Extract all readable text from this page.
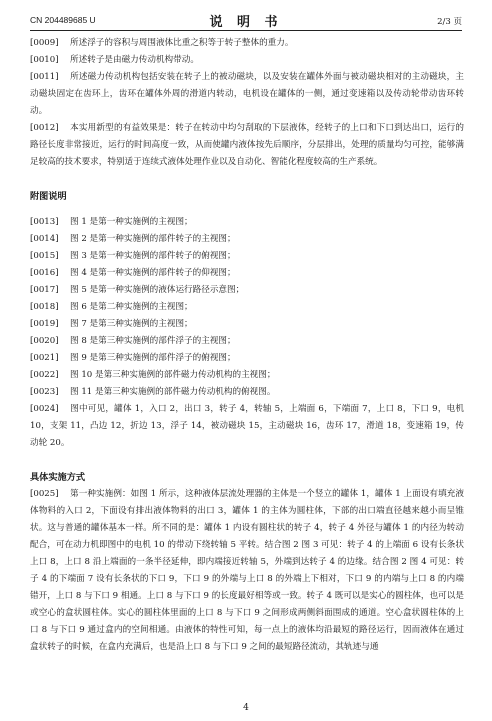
CN 204489685 U	说 明 书	2/3 页

[0009] 所述浮子的容积与周围液体比重之积等于转子整体的重力。

[0010] 所述转子是由磁力传动机构带动。

[0011] 所述磁力传动机构包括安装在转子上的被动磁块，以及安装在罐体外面与被动磁块相对的主动磁块，主动磁块固定在齿环上，齿环在罐体外周的滑道内转动，电机设在罐体的一侧，通过变速箱以及传动轮带动齿环转动。

[0012] 本实用新型的有益效果是：转子在转动中均匀刮取的下层液体，经转子的上口和下口到达出口，运行的路径长度非常接近，运行的时间高度一致，从而使罐内液体按先后顺序，分层排出，处理的质量均匀可控，能够满足较高的技术要求，特别适于连续式液体处理作业以及自动化、智能化程度较高的生产系统。

附图说明

[0013] 图 1 是第一种实施例的主视图；

[0014] 图 2 是第一种实施例的部件转子的主视图；

[0015] 图 3 是第一种实施例的部件转子的俯视图；

[0016] 图 4 是第一种实施例的部件转子的仰视图；

[0017] 图 5 是第一种实施例的液体运行路径示意图；

[0018] 图 6 是第二种实施例的主视图；

[0019] 图 7 是第三种实施例的主视图；

[0020] 图 8 是第三种实施例的部件浮子的主视图；

[0021] 图 9 是第三种实施例的部件浮子的俯视图；

[0022] 图 10 是第三种实施例的部件磁力传动机构的主视图；

[0023] 图 11 是第三种实施例的部件磁力传动机构的俯视图。

[0024] 图中可见，罐体 1，入口 2，出口 3，转子 4，转轴 5，上端面 6，下端面 7，上口 8，下口 9，电机 10，支架 11，凸边 12，折边 13，浮子 14，被动磁块 15，主动磁块 16，齿环 17，滑道 18，变速箱 19，传动轮 20。

具体实施方式

[0025] 第一种实施例：如图 1 所示，这种液体层流处理器的主体是一个竖立的罐体 1，罐体 1 上面设有填充液体物料的入口 2，下面设有排出液体物料的出口 3，罐体 1 的主体为圆柱体，下部的出口端直径越来越小而呈锥状。这与普通的罐体基本一样。所不同的是：罐体 1 内设有圆柱状的转子 4，转子 4 外径与罐体 1 的内径为转动配合，可在动力机即图中的电机 10 的带动下绕转轴 5 平转。结合图 2 图 3 可见：转子 4 的上端面 6 设有长条状上口 8，上口 8 沿上端面的一条半径延伸，即内端接近转轴 5，外端到达转子 4 的边缘。结合图 2 图 4 可见：转子 4 的下端面 7 设有长条状的下口 9，下口 9 的外端与上口 8 的外端上下相对，下口 9 的内端与上口 8 的内端错开，上口 8 与下口 9 相通。上口 8 与下口 9 的长度最好相等或一致。转子 4 既可以是实心的圆柱体，也可以是或空心的盒状圆柱体。实心的圆柱体里面的上口 8 与下口 9 之间形成两侧斜面围成的通道。空心盒状圆柱体的上口 8 与下口 9 通过盒内的空间相通。由液体的特性可知，每一点上的液体均沿最短的路径运行，因而液体在通过盒状转子的时候，在盒内充满后，也是沿上口 8 与下口 9 之间的最短路径流动，其轨迹与通

4
